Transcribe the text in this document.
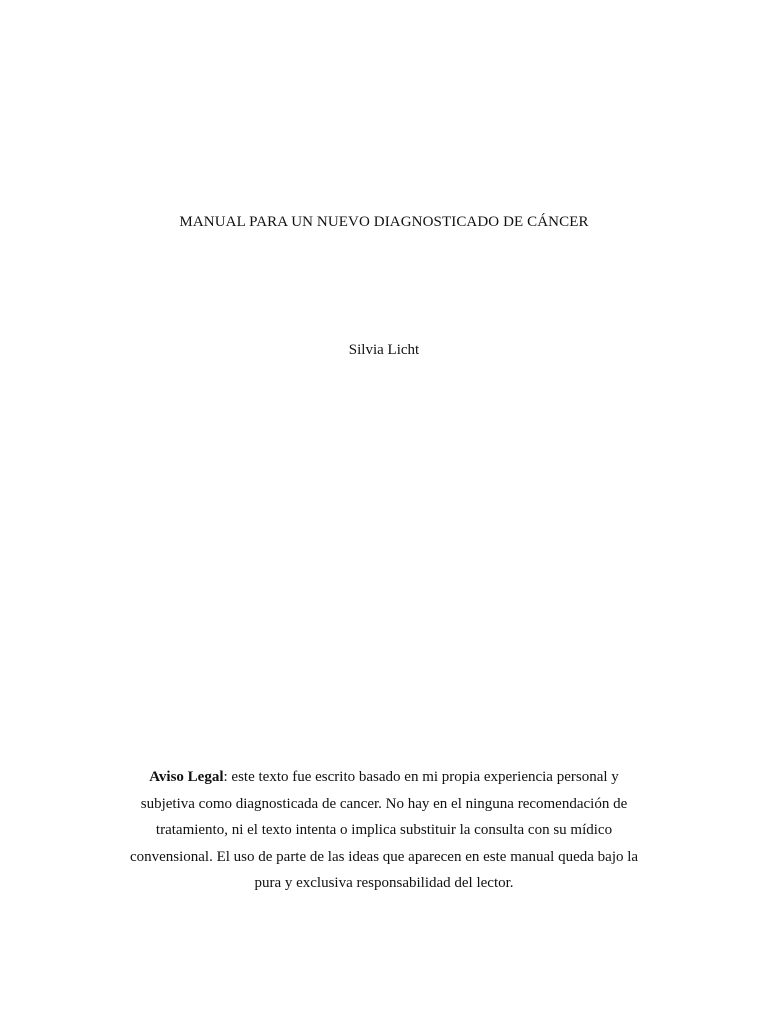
MANUAL PARA UN NUEVO DIAGNOSTICADO DE CÁNCER
Silvia Licht
Aviso Legal: este texto fue escrito basado en mi propia experiencia personal y
subjetiva como diagnosticada de cancer. No hay en el ninguna recomendación de
tratamiento, ni el texto intenta o implica substituir la consulta con su mídico
convensional. El uso de parte de las ideas que aparecen en este manual queda bajo la
pura y exclusiva responsabilidad del lector.
